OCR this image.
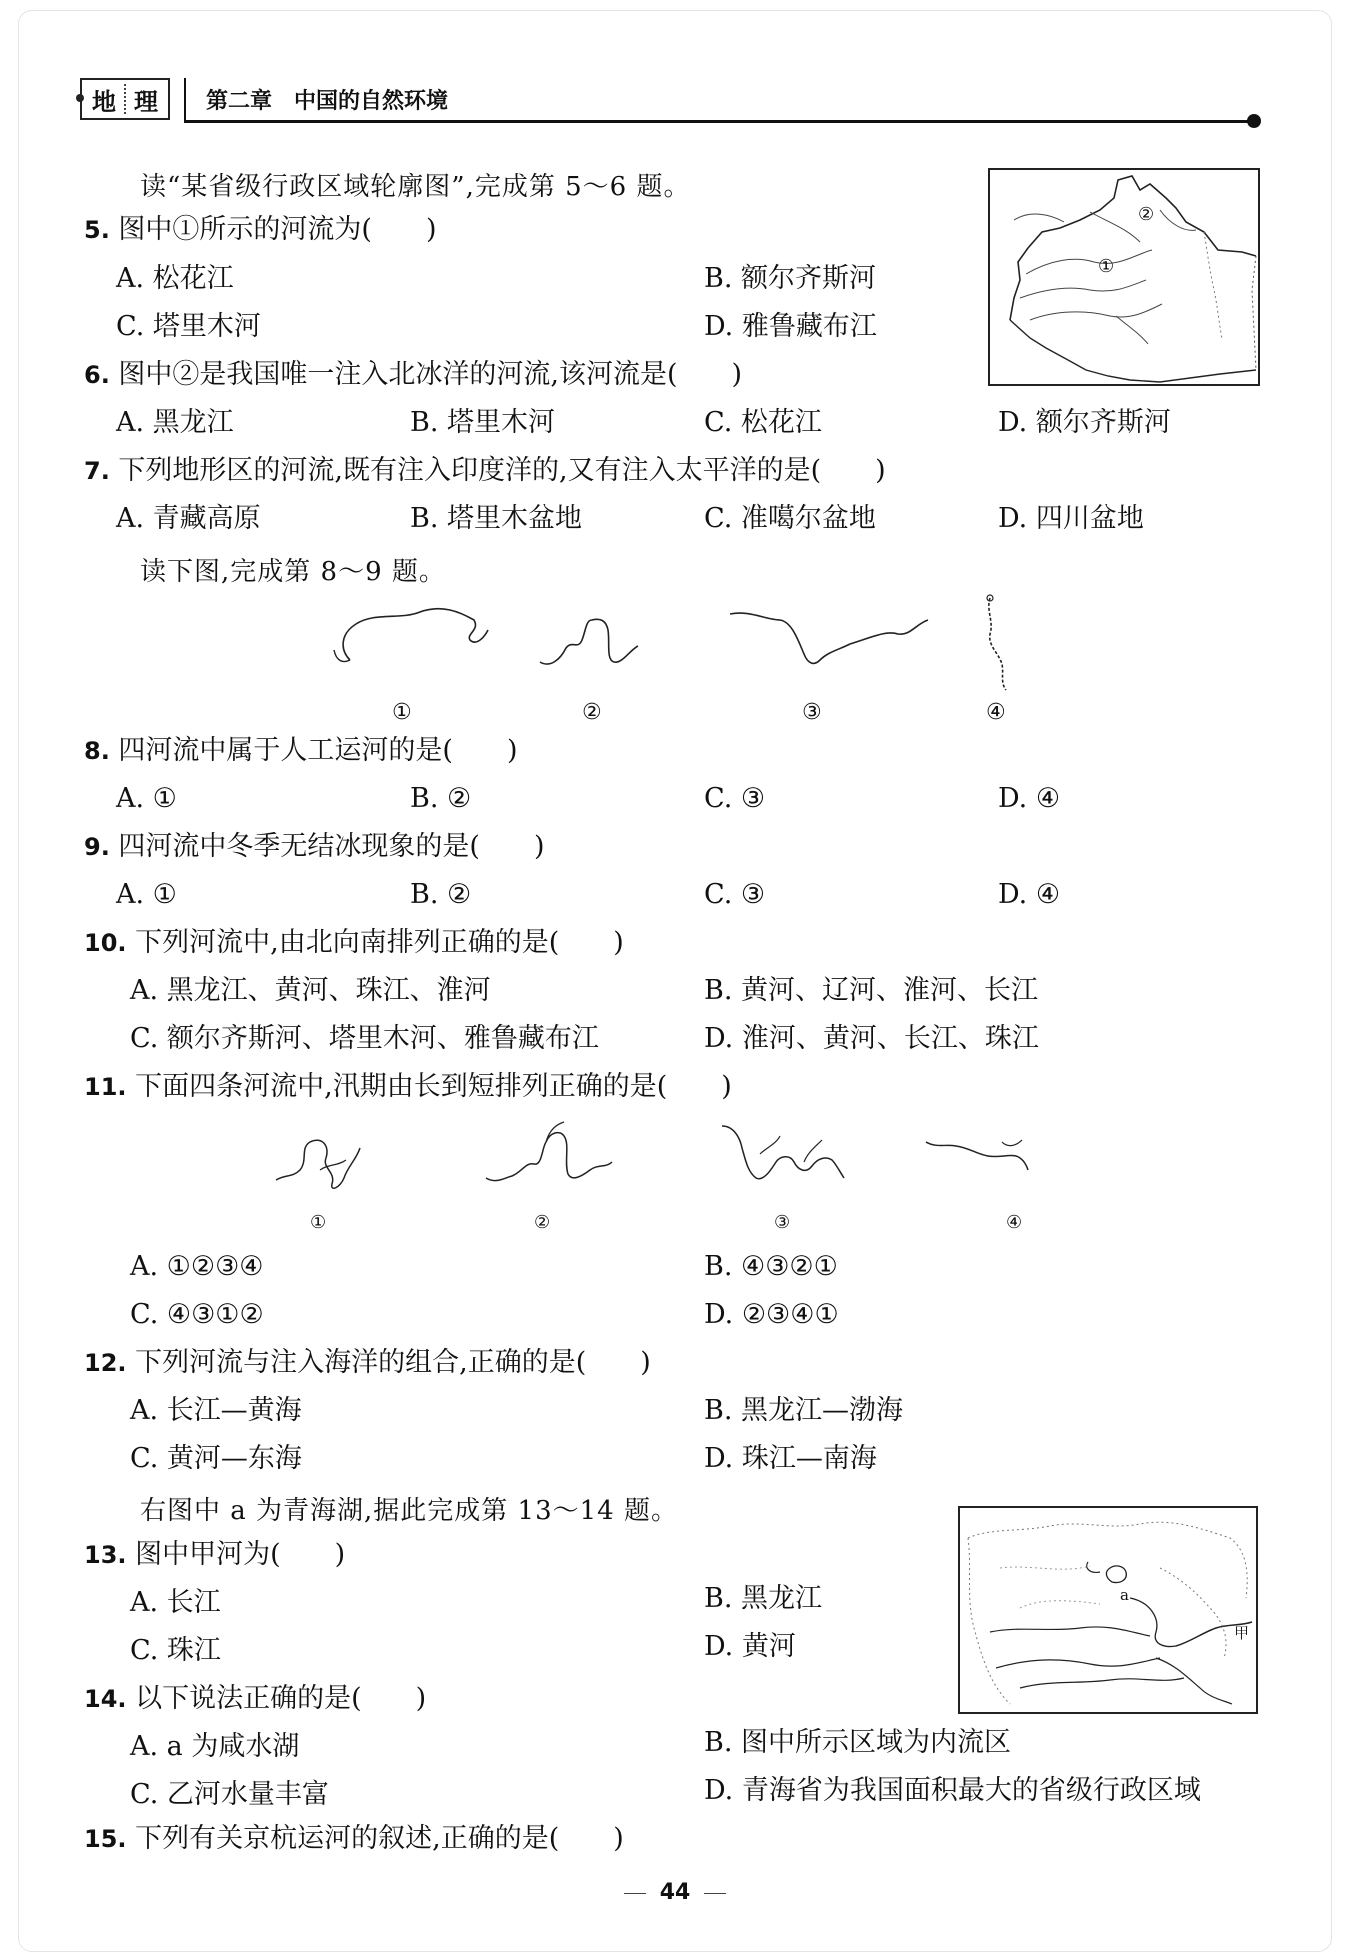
地 理 第二章　中国的自然环境
读“某省级行政区域轮廓图”,完成第 5～6 题。
①
②
5. 图中①所示的河流为(　　)
A. 松花江	B. 额尔齐斯河
C. 塔里木河	D. 雅鲁藏布江
6. 图中②是我国唯一注入北冰洋的河流,该河流是(　　)
A. 黑龙江	B. 塔里木河	C. 松花江	D. 额尔齐斯河
7. 下列地形区的河流,既有注入印度洋的,又有注入太平洋的是(　　)
A. 青藏高原	B. 塔里木盆地	C. 准噶尔盆地	D. 四川盆地
读下图,完成第 8～9 题。
①	②	③	④
8. 四河流中属于人工运河的是(　　)
A. ①	B. ②	C. ③	D. ④
9. 四河流中冬季无结冰现象的是(　　)
A. ①	B. ②	C. ③	D. ④
10. 下列河流中,由北向南排列正确的是(　　)
A. 黑龙江、黄河、珠江、淮河	B. 黄河、辽河、淮河、长江
C. 额尔齐斯河、塔里木河、雅鲁藏布江	D. 淮河、黄河、长江、珠江
11. 下面四条河流中,汛期由长到短排列正确的是(　　)
①	②	③	④
A. ①②③④	B. ④③②①
C. ④③①②	D. ②③④①
12. 下列河流与注入海洋的组合,正确的是(　　)
A. 长江—黄海	B. 黑龙江—渤海
C. 黄河—东海	D. 珠江—南海
右图中 a 为青海湖,据此完成第 13～14 题。
a
甲
13. 图中甲河为(　　)
A. 长江	B. 黑龙江
C. 珠江	D. 黄河
14. 以下说法正确的是(　　)
A. a 为咸水湖	B. 图中所示区域为内流区
C. 乙河水量丰富	D. 青海省为我国面积最大的省级行政区域
15. 下列有关京杭运河的叙述,正确的是(　　)
44
